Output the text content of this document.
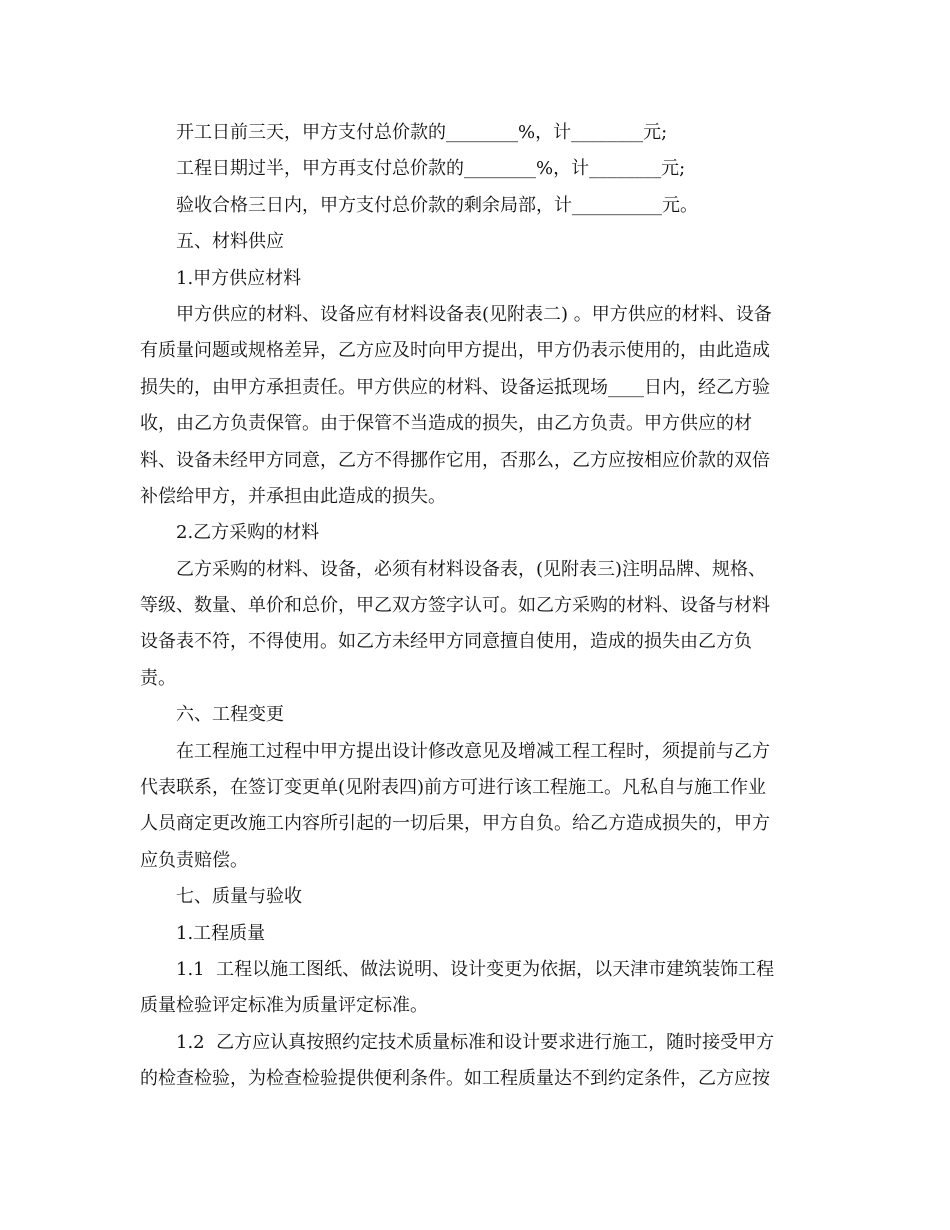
开工日前三天，甲方支付总价款的________%，计________元;
工程日期过半，甲方再支付总价款的________%，计________元;
验收合格三日内，甲方支付总价款的剩余局部，计__________元。
五、材料供应
1.甲方供应材料
甲方供应的材料、设备应有材料设备表(见附表二) 。甲方供应的材料、设备
有质量问题或规格差异，乙方应及时向甲方提出，甲方仍表示使用的，由此造成
损失的，由甲方承担责任。甲方供应的材料、设备运抵现场____日内，经乙方验
收，由乙方负责保管。由于保管不当造成的损失，由乙方负责。甲方供应的材
料、设备未经甲方同意，乙方不得挪作它用，否那么，乙方应按相应价款的双倍
补偿给甲方，并承担由此造成的损失。
2.乙方采购的材料
乙方采购的材料、设备，必须有材料设备表，(见附表三)注明品牌、规格、
等级、数量、单价和总价，甲乙双方签字认可。如乙方采购的材料、设备与材料
设备表不符，不得使用。如乙方未经甲方同意擅自使用，造成的损失由乙方负
责。
六、工程变更
在工程施工过程中甲方提出设计修改意见及增减工程工程时，须提前与乙方
代表联系，在签订变更单(见附表四)前方可进行该工程施工。凡私自与施工作业
人员商定更改施工内容所引起的一切后果，甲方自负。给乙方造成损失的，甲方
应负责赔偿。
七、质量与验收
1.工程质量
1.1  工程以施工图纸、做法说明、设计变更为依据，以天津市建筑装饰工程
质量检验评定标准为质量评定标准。
1.2  乙方应认真按照约定技术质量标准和设计要求进行施工，随时接受甲方
的检查检验，为检查检验提供便利条件。如工程质量达不到约定条件，乙方应按
